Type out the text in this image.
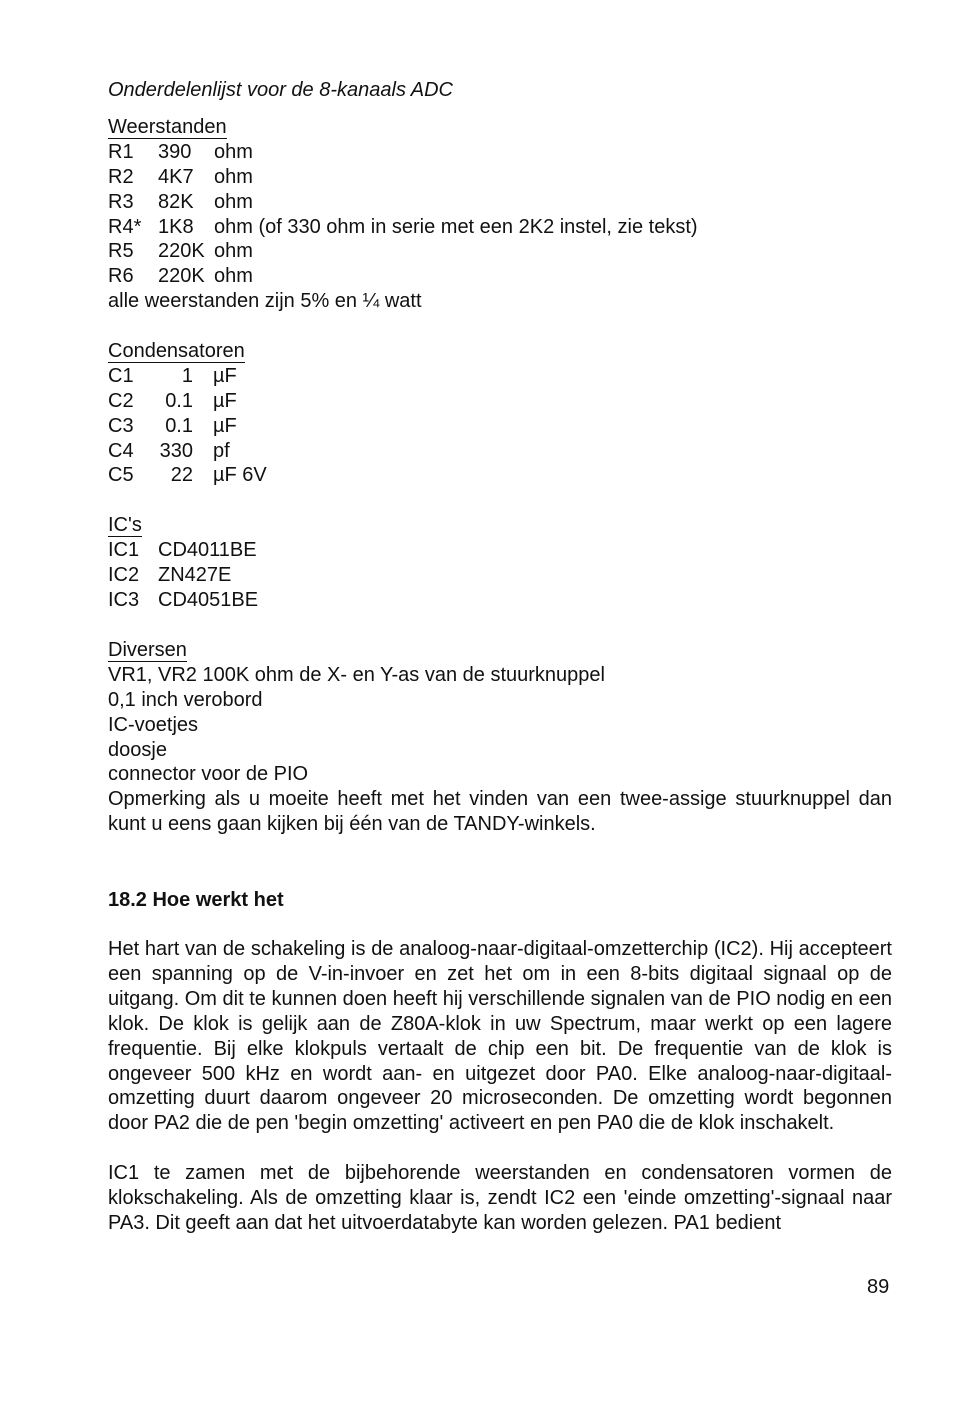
Onderdelenlijst voor de 8-kanaals ADC
Weerstanden
R1 390 ohm
R2 4K7 ohm
R3 82K ohm
R4* 1K8 ohm (of 330 ohm in serie met een 2K2 instel, zie tekst)
R5 220K ohm
R6 220K ohm
alle weerstanden zijn 5% en ¼ watt
Condensatoren
C1 1 µF
C2 0.1 µF
C3 0.1 µF
C4 330 pf
C5 22 µF 6V
IC's
IC1 CD4011BE
IC2 ZN427E
IC3 CD4051BE
Diversen
VR1, VR2 100K ohm de X- en Y-as van de stuurknuppel
0,1 inch verobord
IC-voetjes
doosje
connector voor de PIO
Opmerking als u moeite heeft met het vinden van een twee-assige stuurknuppel dan kunt u eens gaan kijken bij één van de TANDY-winkels.
18.2 Hoe werkt het
Het hart van de schakeling is de analoog-naar-digitaal-omzetterchip (IC2). Hij accepteert een spanning op de V-in-invoer en zet het om in een 8-bits digitaal signaal op de uitgang. Om dit te kunnen doen heeft hij verschillende signalen van de PIO nodig en een klok. De klok is gelijk aan de Z80A-klok in uw Spectrum, maar werkt op een lagere frequentie. Bij elke klokpuls vertaalt de chip een bit. De frequentie van de klok is ongeveer 500 kHz en wordt aan- en uitgezet door PA0. Elke analoog-naar-digitaal-omzetting duurt daarom ongeveer 20 microseconden. De omzetting wordt begonnen door PA2 die de pen 'begin omzetting' activeert en pen PA0 die de klok inschakelt.
IC1 te zamen met de bijbehorende weerstanden en condensatoren vormen de klokschakeling. Als de omzetting klaar is, zendt IC2 een 'einde omzetting'-signaal naar PA3. Dit geeft aan dat het uitvoerdatabyte kan worden gelezen. PA1 bedient
89
